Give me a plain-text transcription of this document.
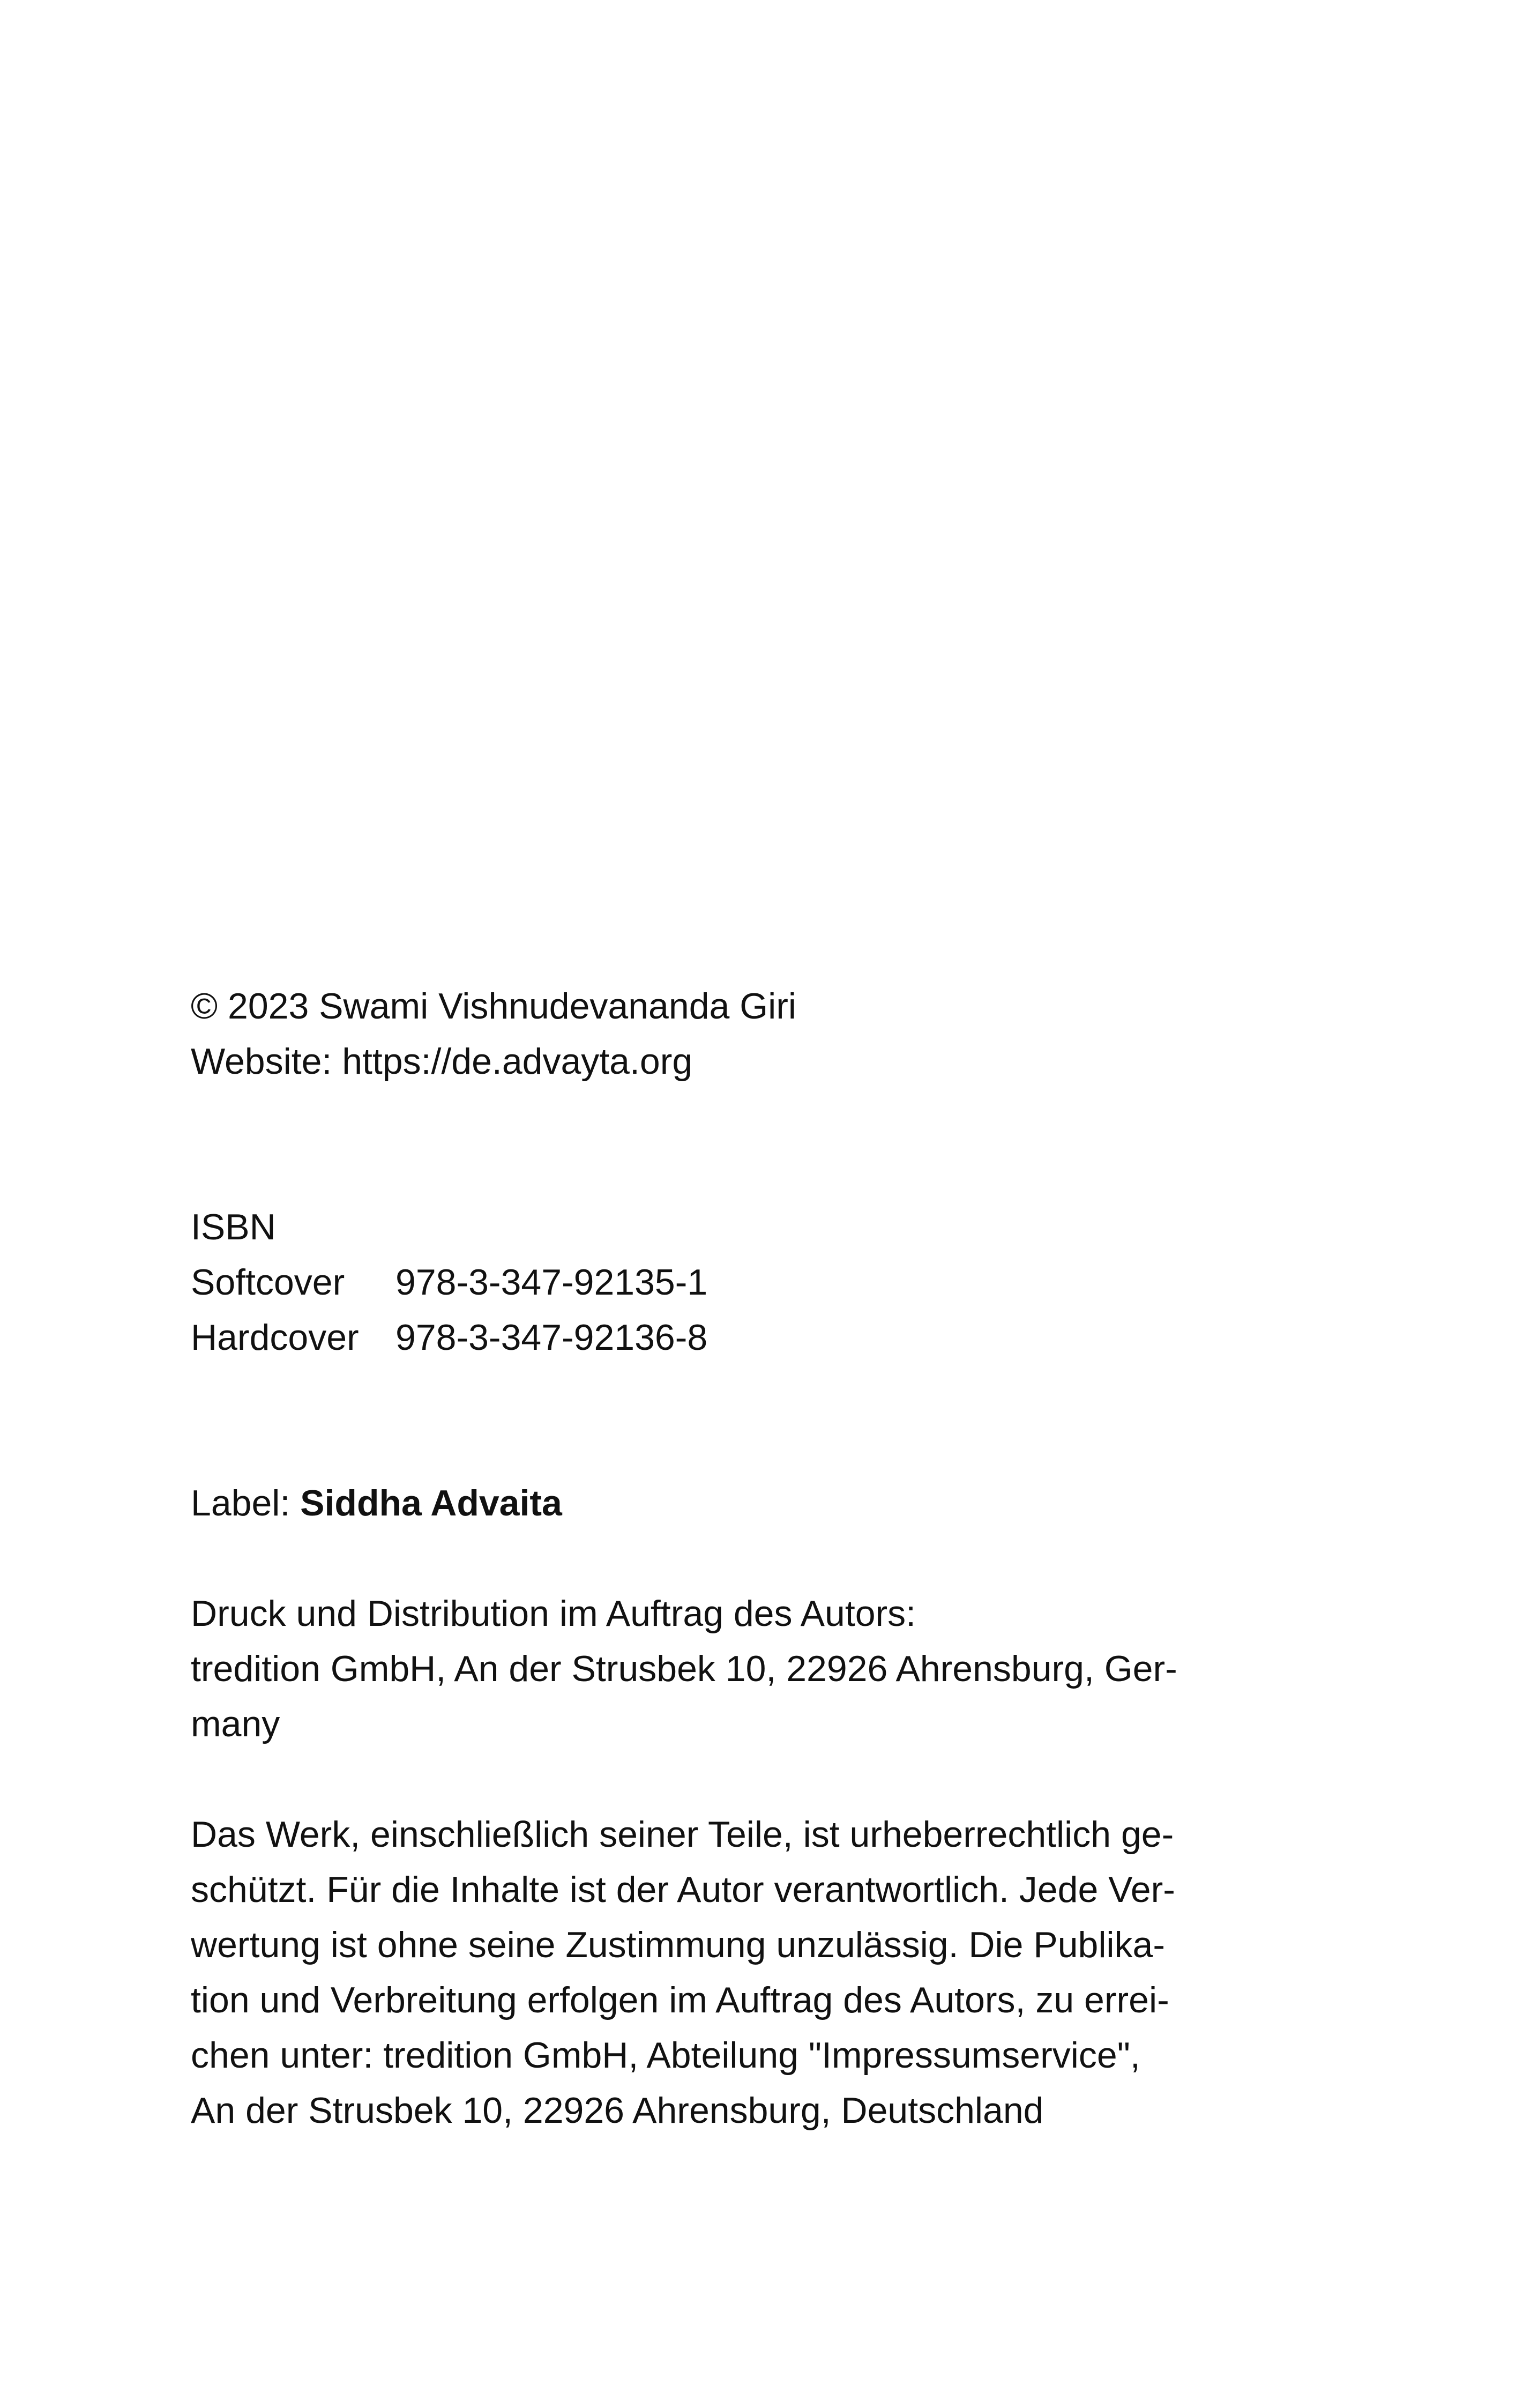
© 2023 Swami Vishnudevananda Giri
Website: https://de.advayta.org
ISBN
Softcover 978-3-347-92135-1
Hardcover 978-3-347-92136-8
Label: Siddha Advaita
Druck und Distribution im Auftrag des Autors:
tredition GmbH, An der Strusbek 10, 22926 Ahrensburg, Ger-
many
Das Werk, einschließlich seiner Teile, ist urheberrechtlich ge-
schützt. Für die Inhalte ist der Autor verantwortlich. Jede Ver-
wertung ist ohne seine Zustimmung unzulässig. Die Publika-
tion und Verbreitung erfolgen im Auftrag des Autors, zu errei-
chen unter: tredition GmbH, Abteilung "Impressumservice",
An der Strusbek 10, 22926 Ahrensburg, Deutschland
